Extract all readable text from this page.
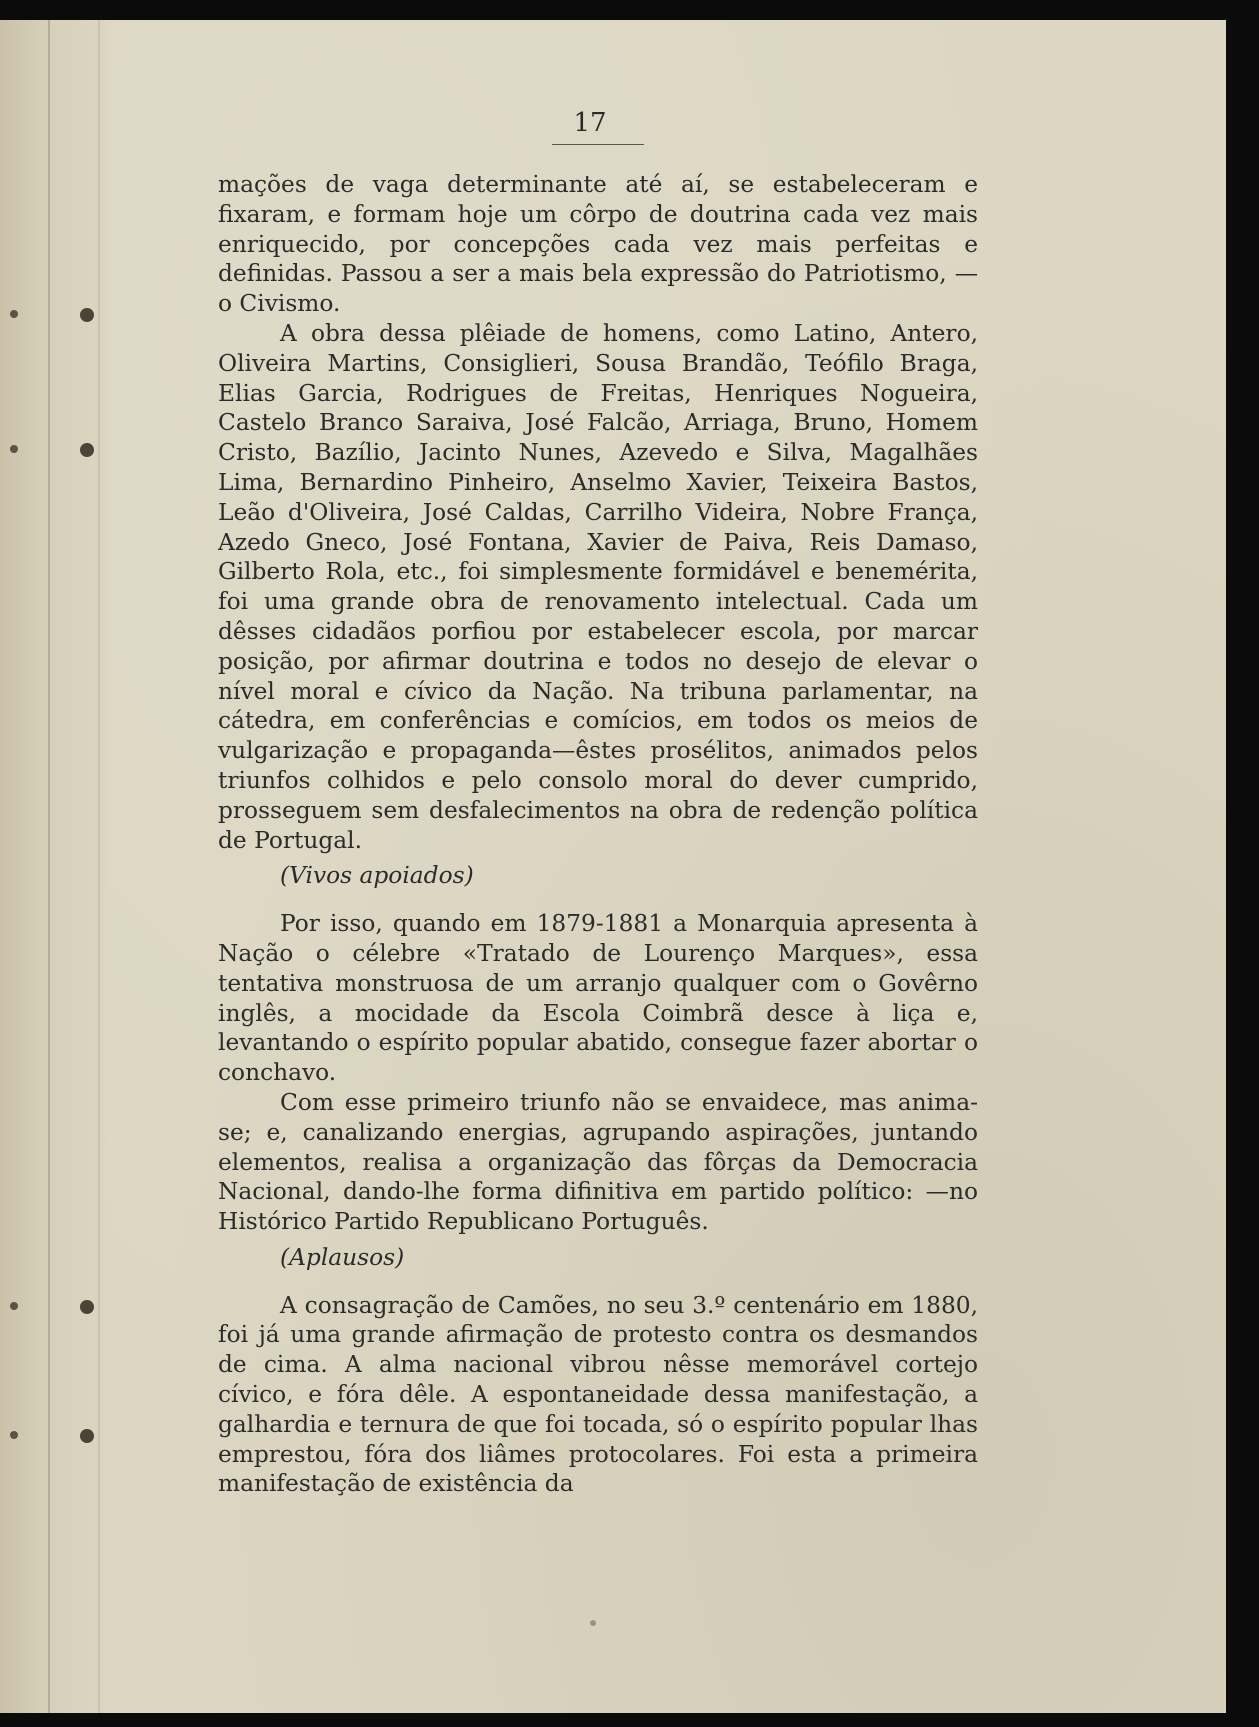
17

mações de vaga determinante até aí, se estabeleceram e fixaram, e formam hoje um côrpo de doutrina cada vez mais enriquecido, por concepções cada vez mais perfeitas e definidas. Passou a ser a mais bela expressão do Patriotismo, — o Civismo.

A obra dessa plêiade de homens, como Latino, Antero, Oliveira Martins, Consiglieri, Sousa Brandão, Teófilo Braga, Elias Garcia, Rodrigues de Freitas, Henriques Nogueira, Castelo Branco Saraiva, José Falcão, Arriaga, Bruno, Homem Cristo, Bazílio, Jacinto Nunes, Azevedo e Silva, Magalhães Lima, Bernardino Pinheiro, Anselmo Xavier, Teixeira Bastos, Leão d'Oliveira, José Caldas, Carrilho Videira, Nobre França, Azedo Gneco, José Fontana, Xavier de Paiva, Reis Damaso, Gilberto Rola, etc., foi simplesmente formidável e benemérita, foi uma grande obra de renovamento intelectual. Cada um dêsses cidadãos porfiou por estabelecer escola, por marcar posição, por afirmar doutrina e todos no desejo de elevar o nível moral e cívico da Nação. Na tribuna parlamentar, na cátedra, em conferências e comícios, em todos os meios de vulgarização e propaganda—êstes prosélitos, animados pelos triunfos colhidos e pelo consolo moral do dever cumprido, prosseguem sem desfalecimentos na obra de redenção política de Portugal.

(Vivos apoiados)

Por isso, quando em 1879-1881 a Monarquia apresenta à Nação o célebre «Tratado de Lourenço Marques», essa tentativa monstruosa de um arranjo qualquer com o Govêrno inglês, a mocidade da Escola Coimbrã desce à liça e, levantando o espírito popular abatido, consegue fazer abortar o conchavo.

Com esse primeiro triunfo não se envaidece, mas anima-se; e, canalizando energias, agrupando aspirações, juntando elementos, realisa a organização das fôrças da Democracia Nacional, dando-lhe forma difinitiva em partido político: —no Histórico Partido Republicano Português.

(Aplausos)

A consagração de Camões, no seu 3.º centenário em 1880, foi já uma grande afirmação de protesto contra os desmandos de cima. A alma nacional vibrou nêsse memorável cortejo cívico, e fóra dêle. A espontaneidade dessa manifestação, a galhardia e ternura de que foi tocada, só o espírito popular lhas emprestou, fóra dos liâmes protocolares. Foi esta a primeira manifestação de existência da
